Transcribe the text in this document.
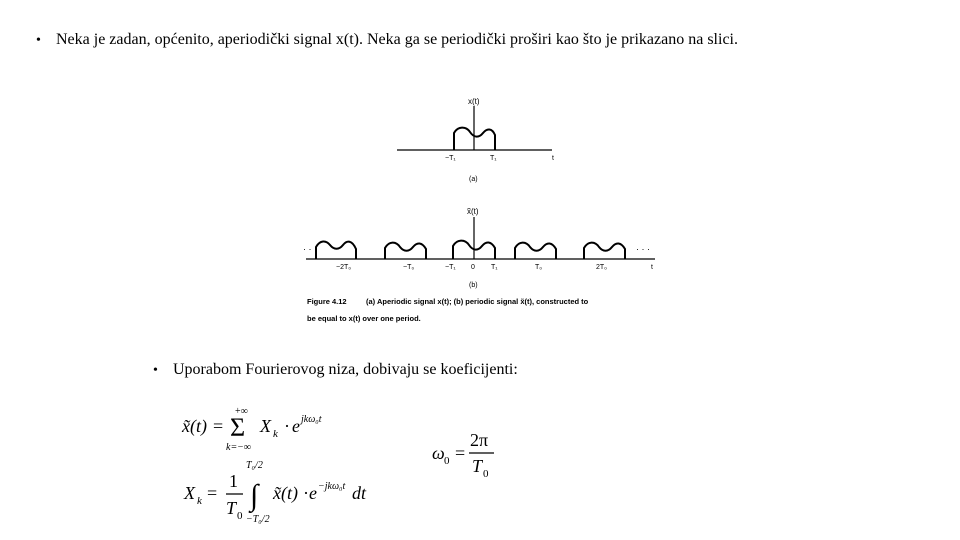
• Neka je zadan, općenito, aperiodički signal x(t). Neka ga se periodički proširi kao što je prikazano na slici.
• Uporabom Fourierovog niza, dobivaju se koeficijenti:
x(t)
t
−T₁	T₁
(a)
· · ·	· · ·
x̃(t)
t
−2T₀	−T₀	−T₁ 0 T₁	T₀	2T₀
(b)
Figure 4.12	(a) Aperiodic signal x(t); (b) periodic signal x̃(t), constructed to
be equal to x(t) over one period.
x̃(t) =
+∞
Σ
k=−∞
X k · e jkω₀t
ω 0 =
2π
T 0
X k =
1
T 0
T₀/2
∫
−T₀/2
x̃(t) · e −jkω₀t dt
